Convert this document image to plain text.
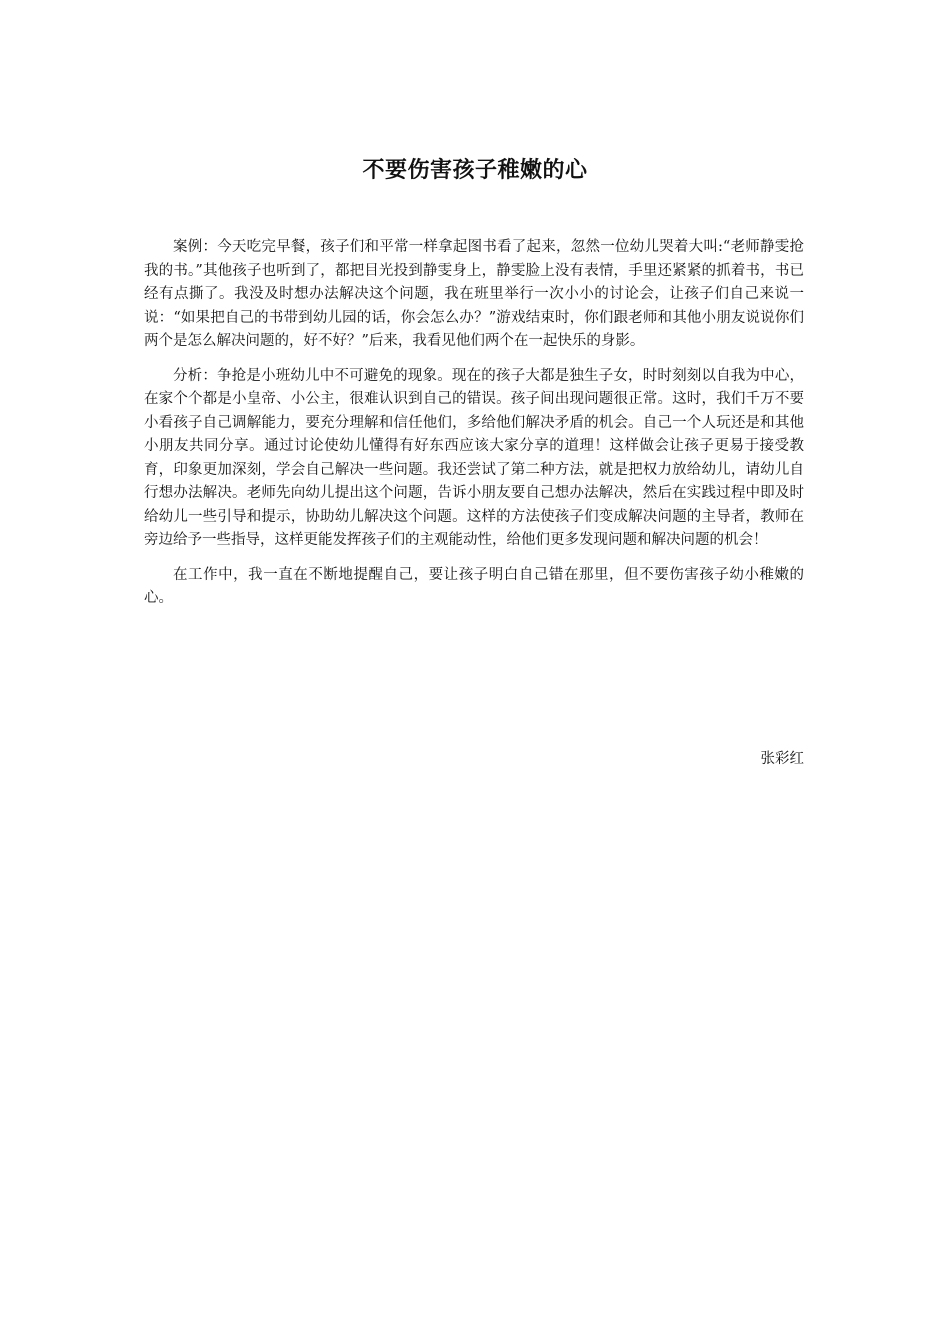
不要伤害孩子稚嫩的心

案例：今天吃完早餐，孩子们和平常一样拿起图书看了起来，忽然一位幼儿哭着大叫:“老师静雯抢我的书。”其他孩子也听到了，都把目光投到静雯身上，静雯脸上没有表情，手里还紧紧的抓着书，书已经有点撕了。我没及时想办法解决这个问题，我在班里举行一次小小的讨论会，让孩子们自己来说一说：“如果把自己的书带到幼儿园的话，你会怎么办？”游戏结束时，你们跟老师和其他小朋友说说你们两个是怎么解决问题的，好不好？”后来，我看见他们两个在一起快乐的身影。

分析：争抢是小班幼儿中不可避免的现象。现在的孩子大都是独生子女，时时刻刻以自我为中心，在家个个都是小皇帝、小公主，很难认识到自己的错误。孩子间出现问题很正常。这时，我们千万不要小看孩子自己调解能力，要充分理解和信任他们，多给他们解决矛盾的机会。自己一个人玩还是和其他小朋友共同分享。通过讨论使幼儿懂得有好东西应该大家分享的道理！这样做会让孩子更易于接受教育，印象更加深刻，学会自己解决一些问题。我还尝试了第二种方法，就是把权力放给幼儿，请幼儿自行想办法解决。老师先向幼儿提出这个问题，告诉小朋友要自己想办法解决，然后在实践过程中即及时给幼儿一些引导和提示，协助幼儿解决这个问题。这样的方法使孩子们变成解决问题的主导者，教师在旁边给予一些指导，这样更能发挥孩子们的主观能动性，给他们更多发现问题和解决问题的机会！

在工作中，我一直在不断地提醒自己，要让孩子明白自己错在那里，但不要伤害孩子幼小稚嫩的心。

张彩红
